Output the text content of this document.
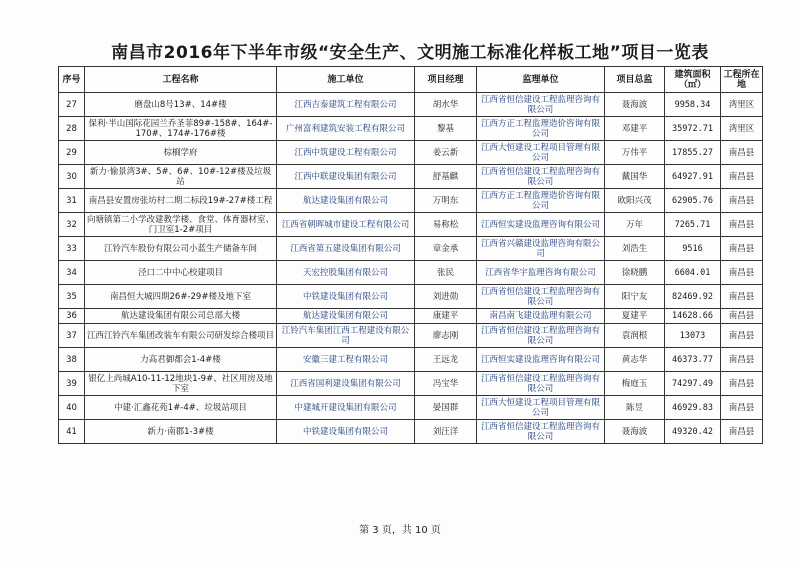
南昌市2016年下半年市级“安全生产、文明施工标准化样板工地”项目一览表
序号	工程名称	施工单位	项目经理	监理单位	项目总监	建筑面积（㎡）	工程所在地
27	磨盘山8号13#、14#楼	江西吉泰建筑工程有限公司	胡水华	江西省恒信建设工程监理咨询有限公司	聂海波	9958.34	湾里区
28	保利·半山国际花园兰乔圣菲89#-158#、164#-170#、174#-176#楼	广州富利建筑安装工程有限公司	黎基	江西方正工程监理造价咨询有限公司	邓建平	35972.71	湾里区
29	棕榈学府	江西中筑建设工程有限公司	姜云新	江西大恒建设工程项目管理有限公司	万伟平	17855.27	南昌县
30	新力·愉景湾3#、5#、6#、10#-12#楼及垃圾站	江西中联建设集团有限公司	舒基麒	江西省恒信建设工程监理咨询有限公司	戴国华	64927.91	南昌县
31	南昌县安置房张坊村二期二标段19#-27#楼工程	航达建设集团有限公司	万明东	江西方正工程监理造价咨询有限公司	欧阳兴茂	62905.76	南昌县
32	向塘镇第二小学改建教学楼、食堂、体育器材室、门卫室1-2#项目	江西省朝晖城市建设工程有限公司	易称松	江西恒实建设监理咨询有限公司	万年	7265.71	南昌县
33	江铃汽车股份有限公司小蓝生产储备车间	江西省第五建设集团有限公司	章金承	江西省兴赣建设监理咨询有限公司	刘浩生	9516	南昌县
34	泾口二中中心校建项目	天宏控股集团有限公司	张民	江西省华宇监理咨询有限公司	徐晓鹏	6604.01	南昌县
35	南昌恒大城四期26#-29#楼及地下室	中铁建设集团有限公司	刘进勋	江西省恒信建设工程监理咨询有限公司	阳宁友	82469.92	南昌县
36	航达建设集团有限公司总部大楼	航达建设集团有限公司	康建平	南昌南飞建设监理有限公司	夏建平	14628.66	南昌县
37	江西江铃汽车集团改装车有限公司研发综合楼项目	江铃汽车集团江西工程建设有限公司	廖志刚	江西省恒信建设工程监理咨询有限公司	袁润根	13073	南昌县
38	力高君御都会1-4#楼	安徽三建工程有限公司	王远龙	江西恒实建设监理咨询有限公司	黄志华	46373.77	南昌县
39	银亿上尚城A10-11-12地块1-9#、社区用房及地下室	江西省国利建设集团有限公司	冯宝华	江西省恒信建设工程监理咨询有限公司	梅庭玉	74297.49	南昌县
40	中建·汇鑫花苑1#-4#、垃圾站项目	中建城开建设集团有限公司	晏国群	江西大恒建设工程项目管理有限公司	陈昱	46929.83	南昌县
41	新力·南郡1-3#楼	中铁建设集团有限公司	刘汪洋	江西省恒信建设工程监理咨询有限公司	聂海波	49320.42	南昌县
第 3 页，共 10 页
